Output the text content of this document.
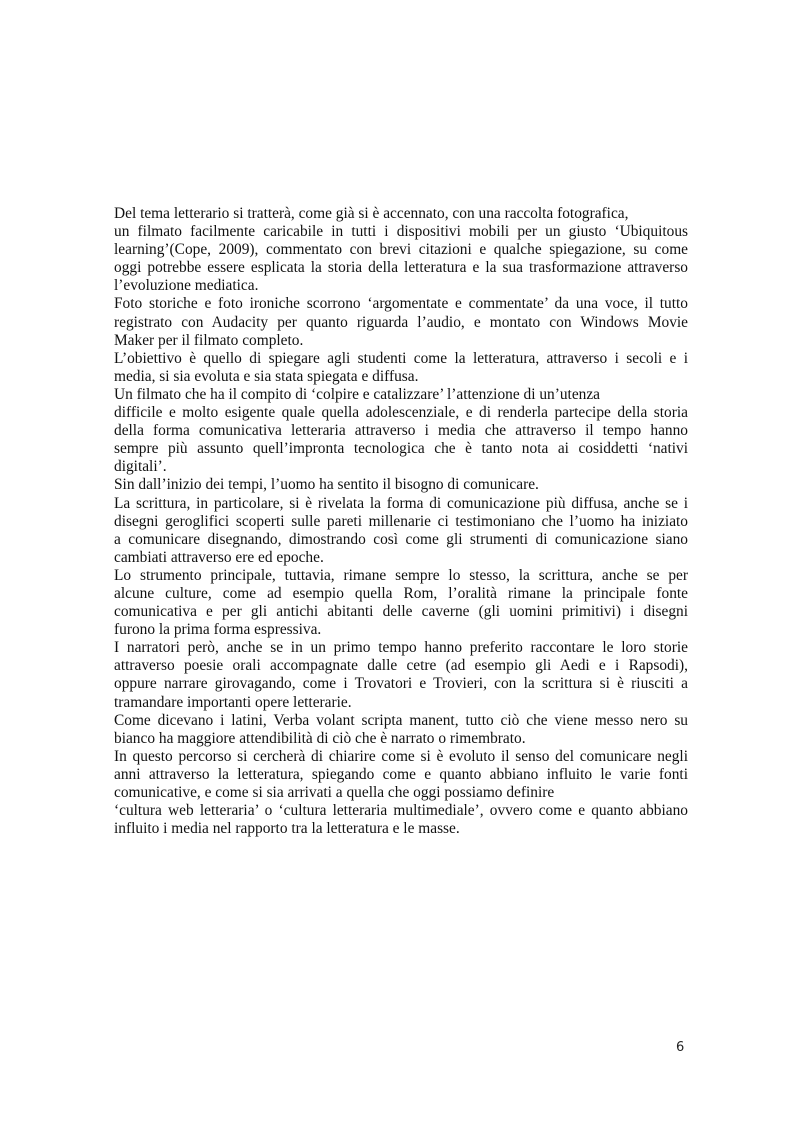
Del tema letterario si tratterà, come già si è accennato, con una raccolta fotografica,
un filmato facilmente caricabile in tutti i dispositivi mobili per un giusto ‘Ubiquitous
learning’(Cope, 2009), commentato con brevi citazioni e qualche spiegazione, su come
oggi potrebbe essere esplicata la storia della letteratura e la sua trasformazione attraverso
l’evoluzione mediatica.
Foto storiche e foto ironiche scorrono ‘argomentate e commentate’ da una voce, il tutto
registrato con Audacity per quanto riguarda l’audio, e montato con Windows Movie
Maker per il filmato completo.
L’obiettivo è quello di spiegare agli studenti come la letteratura, attraverso i secoli e i
media, si sia evoluta e sia stata spiegata e diffusa.
Un filmato che ha il compito di ‘colpire e catalizzare’ l’attenzione di un’utenza
difficile e molto esigente quale quella adolescenziale, e di renderla partecipe della storia
della forma comunicativa letteraria attraverso i media che attraverso il tempo hanno
sempre più assunto quell’impronta tecnologica che è tanto nota ai cosiddetti ‘nativi
digitali’.
Sin dall’inizio dei tempi, l’uomo ha sentito il bisogno di comunicare.
La scrittura, in particolare, si è rivelata la forma di comunicazione più diffusa, anche se i
disegni geroglifici scoperti sulle pareti millenarie ci testimoniano che l’uomo ha iniziato
a comunicare disegnando, dimostrando così come gli strumenti di comunicazione siano
cambiati attraverso ere ed epoche.
Lo strumento principale, tuttavia, rimane sempre lo stesso, la scrittura, anche se per
alcune culture, come ad esempio quella Rom, l’oralità rimane la principale fonte
comunicativa e per gli antichi abitanti delle caverne (gli uomini primitivi) i disegni
furono la prima forma espressiva.
I narratori però, anche se in un primo tempo hanno preferito raccontare le loro storie
attraverso poesie orali accompagnate dalle cetre (ad esempio gli Aedi e i Rapsodi),
oppure narrare girovagando, come i Trovatori e Trovieri, con la scrittura si è riusciti a
tramandare importanti opere letterarie.
Come dicevano i latini, Verba volant scripta manent, tutto ciò che viene messo nero su
bianco ha maggiore attendibilità di ciò che è narrato o rimembrato.
In questo percorso si cercherà di chiarire come si è evoluto il senso del comunicare negli
anni attraverso la letteratura, spiegando come e quanto abbiano influito le varie fonti
comunicative, e come si sia arrivati a quella che oggi possiamo definire
‘cultura web letteraria’ o ‘cultura letteraria multimediale’, ovvero come e quanto abbiano
influito i media nel rapporto tra la letteratura e le masse.
6
